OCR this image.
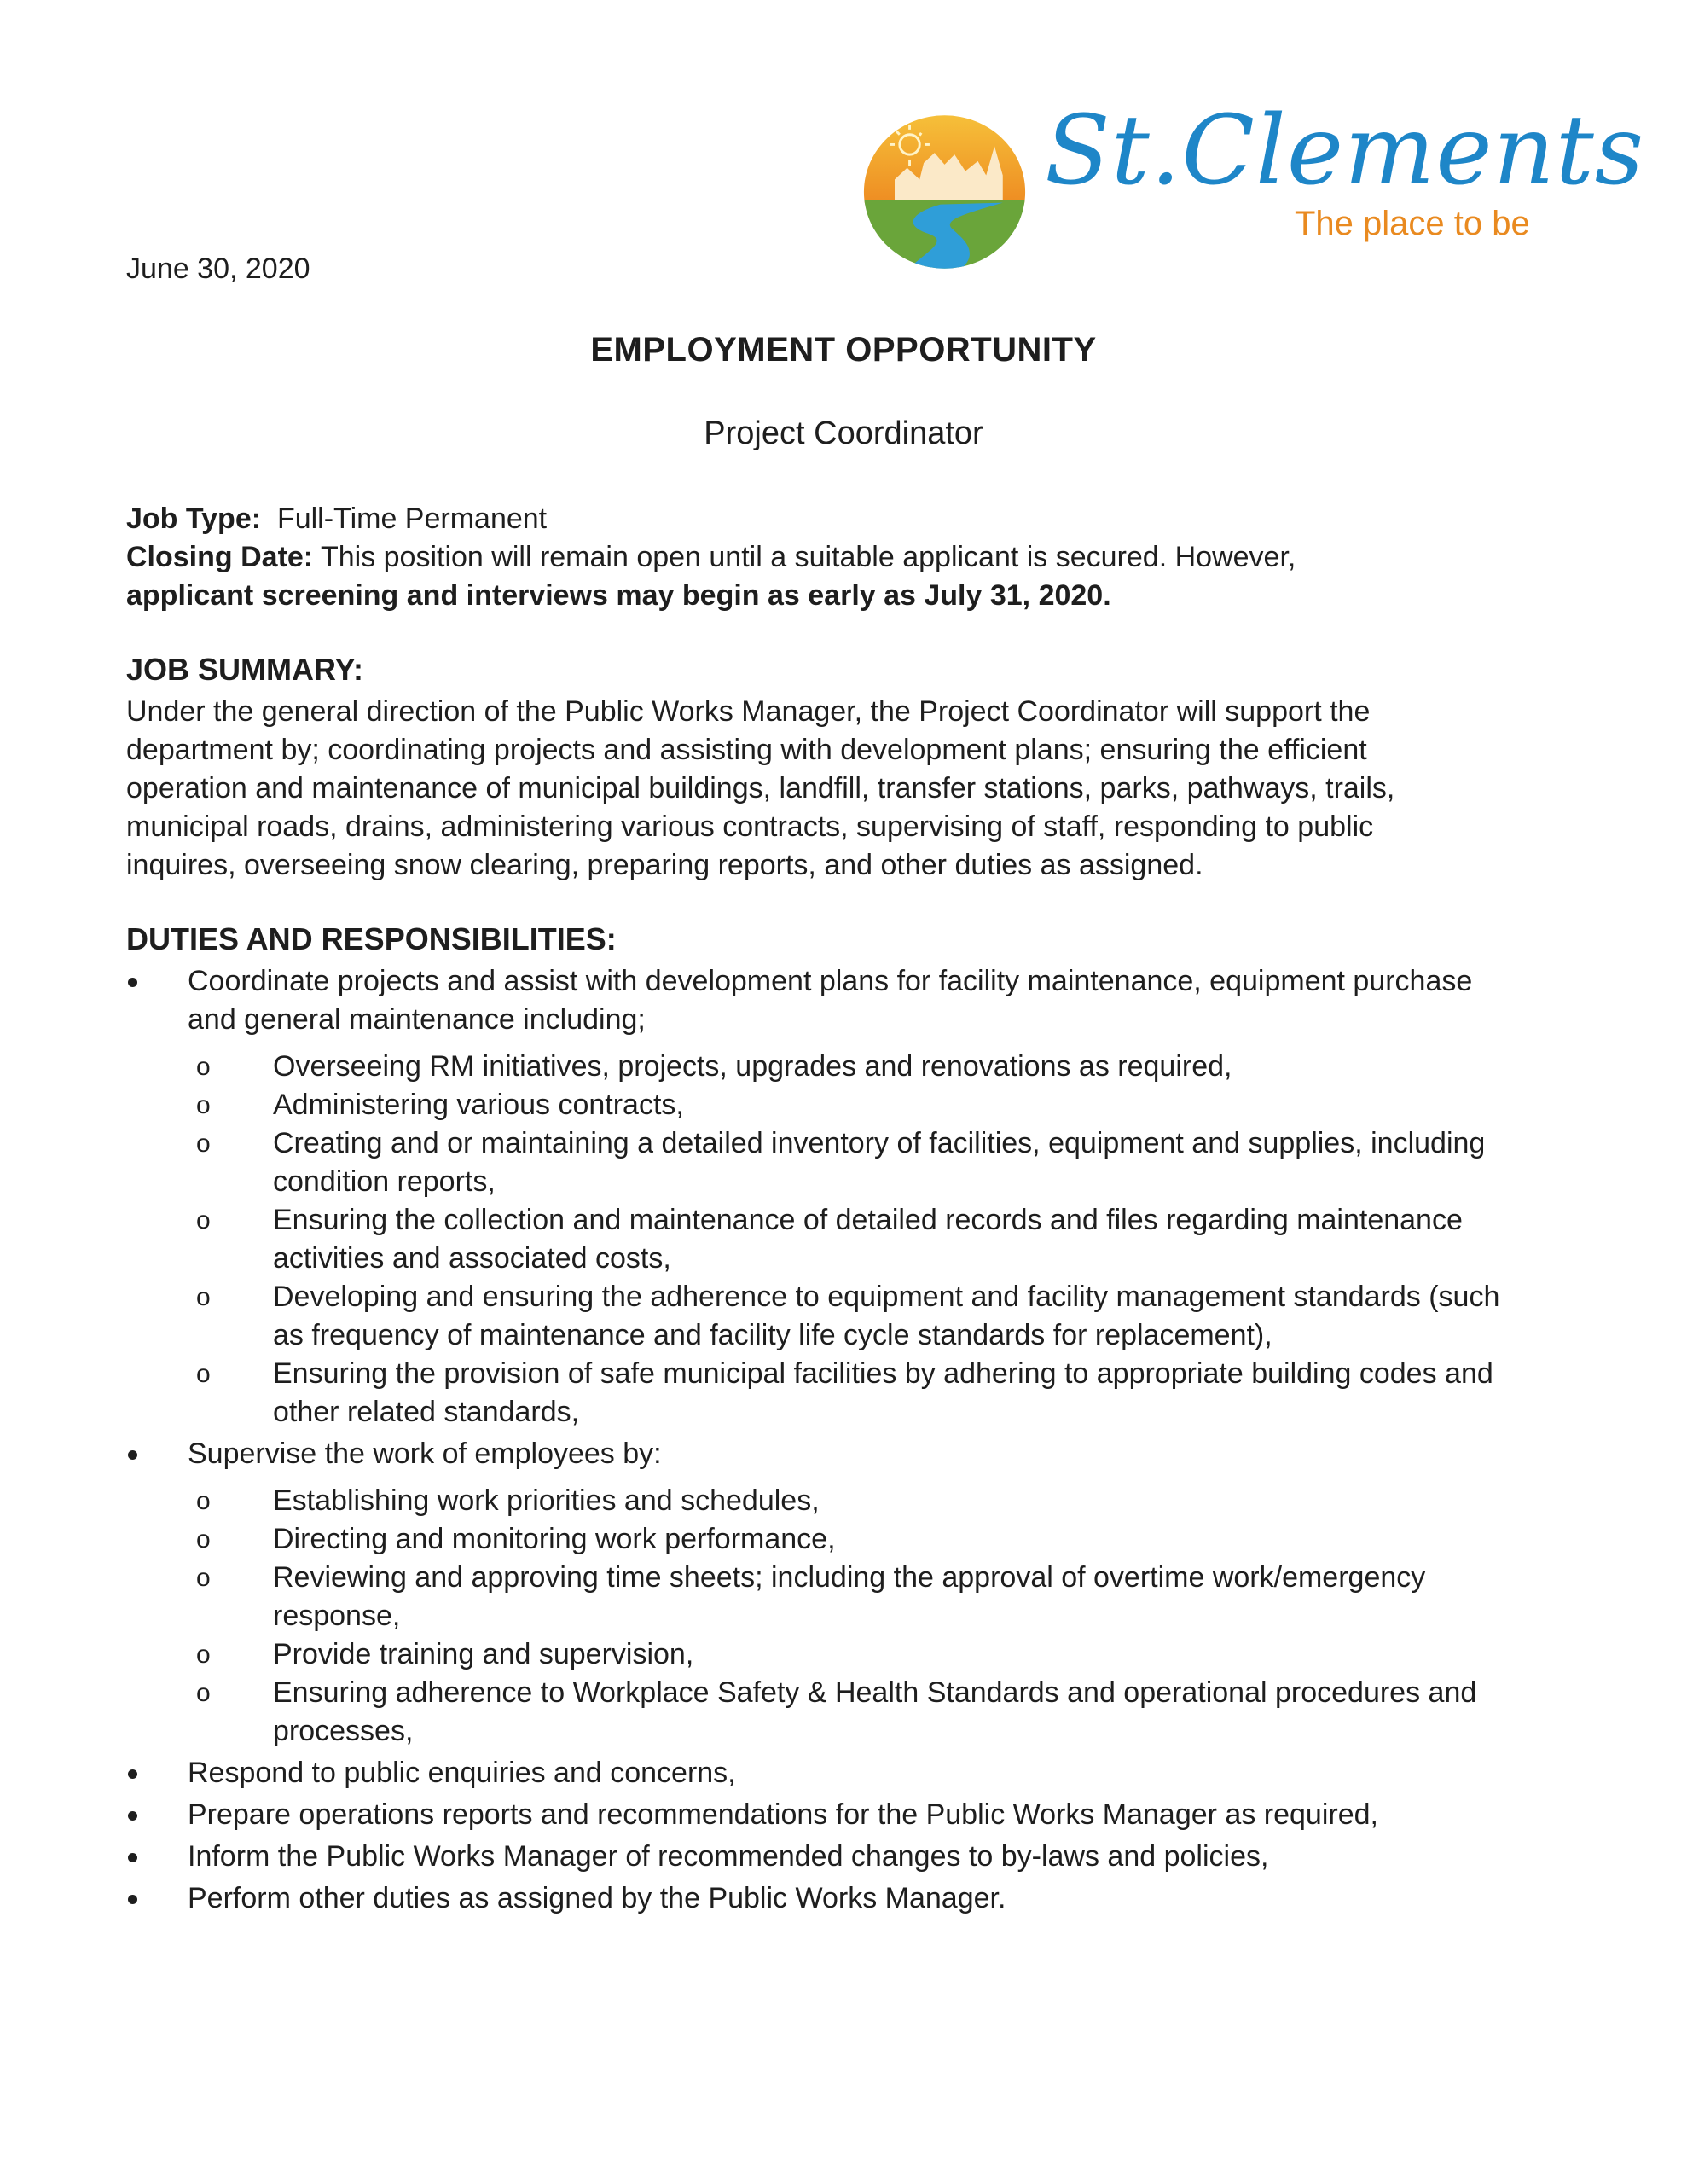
St.Clements
The place to be
June 30, 2020
EMPLOYMENT OPPORTUNITY
Project Coordinator
Job Type: Full-Time Permanent
Closing Date: This position will remain open until a suitable applicant is secured. However,
applicant screening and interviews may begin as early as July 31, 2020.
JOB SUMMARY:

Under the general direction of the Public Works Manager, the Project Coordinator will support the department by; coordinating projects and assisting with development plans; ensuring the efficient operation and maintenance of municipal buildings, landfill, transfer stations, parks, pathways, trails, municipal roads, drains, administering various contracts, supervising of staff, responding to public inquires, overseeing snow clearing, preparing reports, and other duties as assigned.

DUTIES AND RESPONSIBILITIES:
Coordinate projects and assist with development plans for facility maintenance, equipment purchase and general maintenance including;
o	Overseeing RM initiatives, projects, upgrades and renovations as required,
o	Administering various contracts,
o	Creating and or maintaining a detailed inventory of facilities, equipment and supplies, including condition reports,
o	Ensuring the collection and maintenance of detailed records and files regarding maintenance activities and associated costs,
o	Developing and ensuring the adherence to equipment and facility management standards (such as frequency of maintenance and facility life cycle standards for replacement),
o	Ensuring the provision of safe municipal facilities by adhering to appropriate building codes and other related standards,
Supervise the work of employees by:
o	Establishing work priorities and schedules,
o	Directing and monitoring work performance,
o	Reviewing and approving time sheets; including the approval of overtime work/emergency response,
o	Provide training and supervision,
o	Ensuring adherence to Workplace Safety & Health Standards and operational procedures and processes,
Respond to public enquiries and concerns,
Prepare operations reports and recommendations for the Public Works Manager as required,
Inform the Public Works Manager of recommended changes to by-laws and policies,
Perform other duties as assigned by the Public Works Manager.
